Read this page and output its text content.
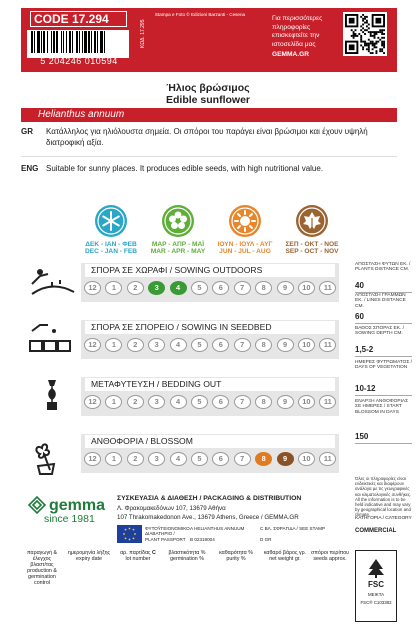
CODE 17.294
5 204246 010594
Stampa e Foto © Edizioni Barzanti - Cesena
ΚΩΔ. 17.295
Για περισσότερες πληροφορίες επισκεφτείτε την ιστοσελίδα μας
GEMMA.GR
Ήλιος βρώσιμος
Edible sunflower
Helianthus annuum
GR Κατάλληλος για ηλιόλουστα σημεία. Οι σπόροι του παράγει είναι βρώσιμοι και έχουν υψηλή διατροφική αξία.
ENG Suitable for sunny places. It produces edible seeds, with high nutritional value.
ΔΕΚ - ΙΑΝ - ΦΕΒ
DEC - JAN - FEB
ΜΑΡ - ΑΠΡ - ΜΑΪ
MAR - APR - MAY
ΙΟΥΝ - ΙΟΥΛ - ΑΥΓ
JUN - JUL - AUG
ΣΕΠ - ΟΚΤ - ΝΟΕ
SEP - OCT - NOV
ΣΠΟΡΑ ΣΕ ΧΩΡΑΦΙ / SOWING OUTDOORS
12	1	2	3	4	5	6	7	8	9	10	11
ΣΠΟΡΑ ΣΕ ΣΠΟΡΕΙΟ / SOWING IN SEEDBED
12	1	2	3	4	5	6	7	8	9	10	11
ΜΕΤΑΦΥΤΕΥΣΗ / BEDDING OUT
12	1	2	3	4	5	6	7	8	9	10	11
ΑΝΘΟΦΟΡΙΑ / BLOSSOM
12	1	2	3	4	5	6	7	8	9	10	11
ΑΠΟΣΤΑΣΗ ΦΥΤΩΝ ΕΚ. / PLANTS DISTANCE CM.
40
ΑΠΟΣΤΑΣΗ ΓΡΑΜΜΩΝ ΕΚ. / LINES DISTANCE CM.
60
ΒΑΘΟΣ ΣΠΟΡΑΣ ΕΚ. / SOWING DEPTH CM.
1,5-2
ΗΜΕΡΕΣ ΦΥΤΡΩΜΑΤΟΣ / DAYS OF VEGETATION
10-12
ΕΝΑΡΞΗ ΑΝΘΟΦΟΡΙΑΣ ΣΕ ΗΜΕΡΕΣ / START BLOSSOM IN DAYS
150
Όλες οι πληροφορίες είναι ενδεικτικές και διαφέρουν ανάλογα με τις γεωγραφικές και κλιματολογικές συνθήκες. All the information is to be held indicative and may vary by geographical location and climate.
ΚΑΤΗΓΟΡΙΑ / CATEGORY
COMMERCIAL
gemma
since 1981
ΣΥΣΚΕΥΑΣΙΑ & ΔΙΑΘΕΣΗ / PACKAGING & DISTRIBUTION
Λ. Φρακομακεδόνων 107, 13679 Αθήνα
107 Thrakomakedonon Ave., 13679 Athens, Greece / GEMMA.GR
ΦΥΤΟΫΓΕΙΟΝΟΜΙΚΟ ΔΙΑΒΑΤΗΡΙΟ /
PLANT PASSPORT
A HELIANTHUS ANNUUM
B 02319004
C ΒΛ. ΣΦΡΑΓΙΔΑ / SEE STAMP
D GR
παραγωγή & έλεγχος
βλαστ/τας
production & germination control
ημερομηνία λήξης
expiry date
αρ. παρτίδας C
lot number
βλαστικότητα %
germination %
καθαρότητα %
purity %
καθαρό βάρος γρ.
net weight gr.
σπόροι περίπου
seeds approx.
FSC
ΜΕΙΚΤΑ
FSC® C103382
